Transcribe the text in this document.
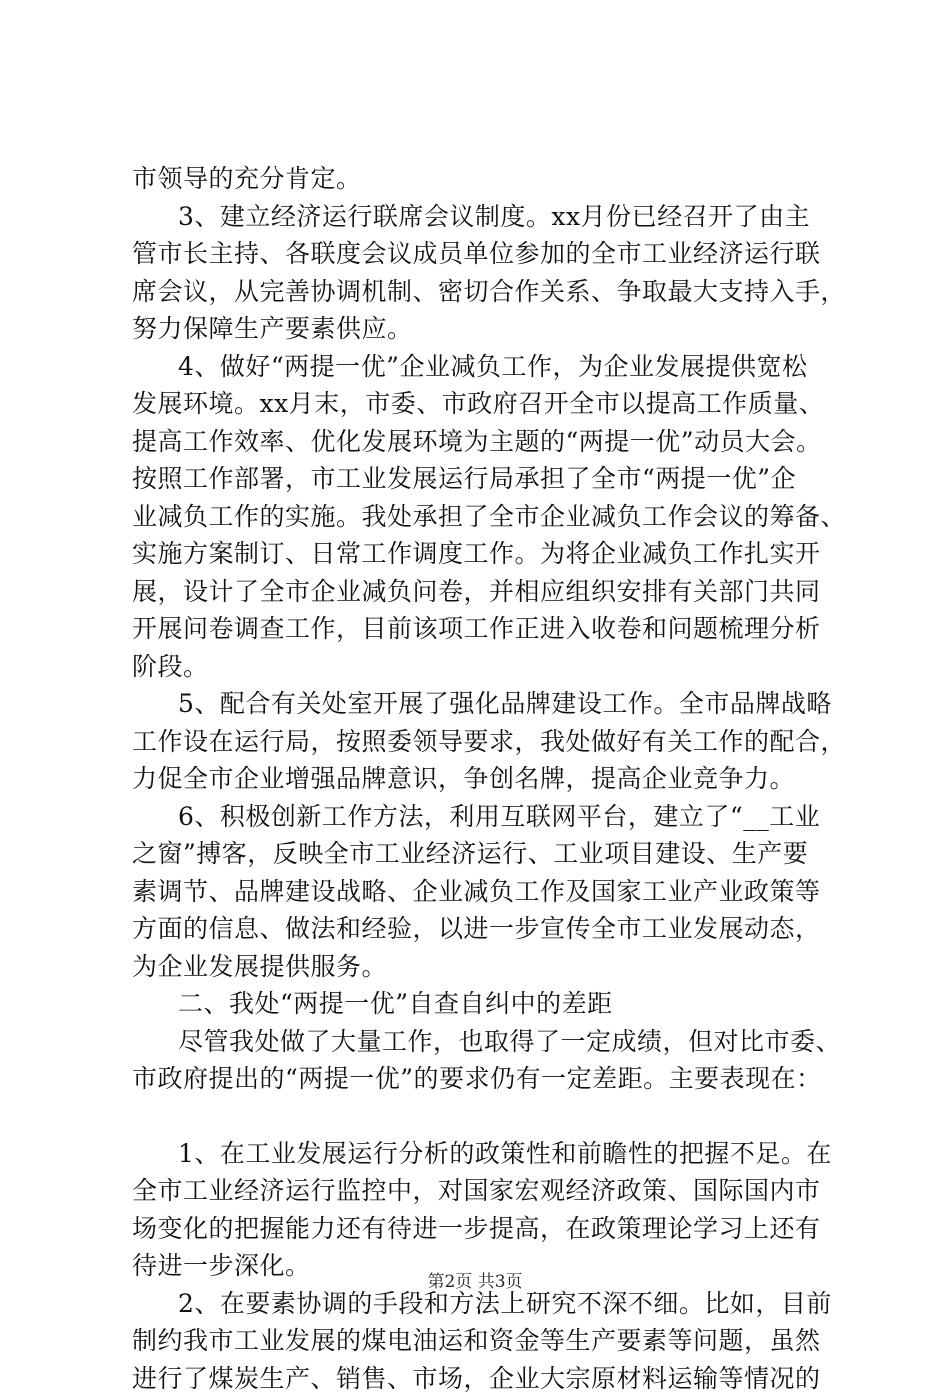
市领导的充分肯定。
3、建立经济运行联席会议制度。xx月份已经召开了由主
管市长主持、各联度会议成员单位参加的全市工业经济运行联
席会议，从完善协调机制、密切合作关系、争取最大支持入手，
努力保障生产要素供应。
4、做好“两提一优”企业减负工作，为企业发展提供宽松
发展环境。xx月末，市委、市政府召开全市以提高工作质量、
提高工作效率、优化发展环境为主题的“两提一优”动员大会。
按照工作部署，市工业发展运行局承担了全市“两提一优”企
业减负工作的实施。我处承担了全市企业减负工作会议的筹备、
实施方案制订、日常工作调度工作。为将企业减负工作扎实开
展，设计了全市企业减负问卷，并相应组织安排有关部门共同
开展问卷调查工作，目前该项工作正进入收卷和问题梳理分析
阶段。
5、配合有关处室开展了强化品牌建设工作。全市品牌战略
工作设在运行局，按照委领导要求，我处做好有关工作的配合，
力促全市企业增强品牌意识，争创名牌，提高企业竞争力。
6、积极创新工作方法，利用互联网平台，建立了“__工业
之窗”搏客，反映全市工业经济运行、工业项目建设、生产要
素调节、品牌建设战略、企业减负工作及国家工业产业政策等
方面的信息、做法和经验，以进一步宣传全市工业发展动态，
为企业发展提供服务。
二、我处“两提一优”自查自纠中的差距
尽管我处做了大量工作，也取得了一定成绩，但对比市委、
市政府提出的“两提一优”的要求仍有一定差距。主要表现在：
1、在工业发展运行分析的政策性和前瞻性的把握不足。在
全市工业经济运行监控中，对国家宏观经济政策、国际国内市
场变化的把握能力还有待进一步提高，在政策理论学习上还有
待进一步深化。
2、在要素协调的手段和方法上研究不深不细。比如，目前
制约我市工业发展的煤电油运和资金等生产要素等问题，虽然
进行了煤炭生产、销售、市场，企业大宗原材料运输等情况的
第2页 共3页
